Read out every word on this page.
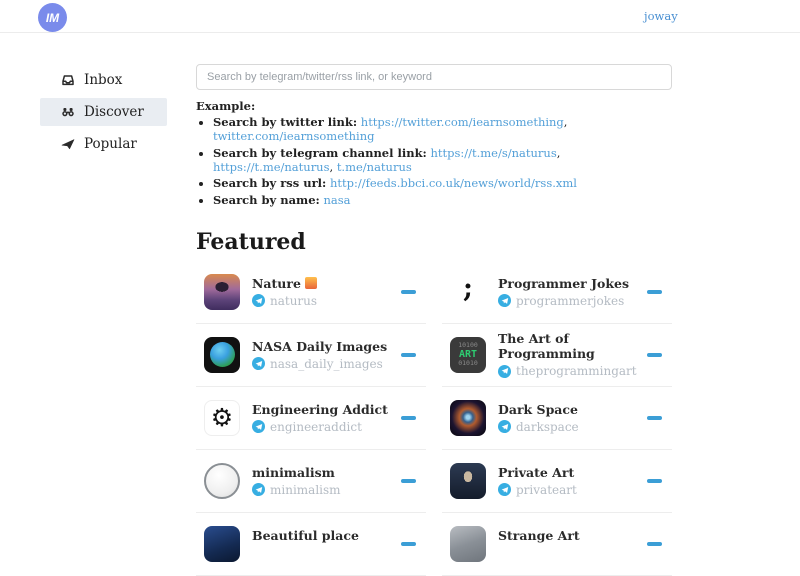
IM	joway
Inbox
Discover
Popular
Search by telegram/twitter/rss link, or keyword
Example:
• Search by twitter link: https://twitter.com/iearnsomething, twitter.com/iearnsomething
• Search by telegram channel link: https://t.me/s/naturus, https://t.me/naturus, t.me/naturus
• Search by rss url: http://feeds.bbci.co.uk/news/world/rss.xml
• Search by name: nasa
Featured
Nature
naturus	; Programmer Jokes
programmerjokes
NASA Daily Images
nasa_daily_images
10100
ART
01010
The Art of Programming
theprogrammingart
⚙ Engineering Addict
engineeraddict
Dark Space
darkspace
minimalism
minimalism
Private Art
privateart
Beautiful place	Strange Art
